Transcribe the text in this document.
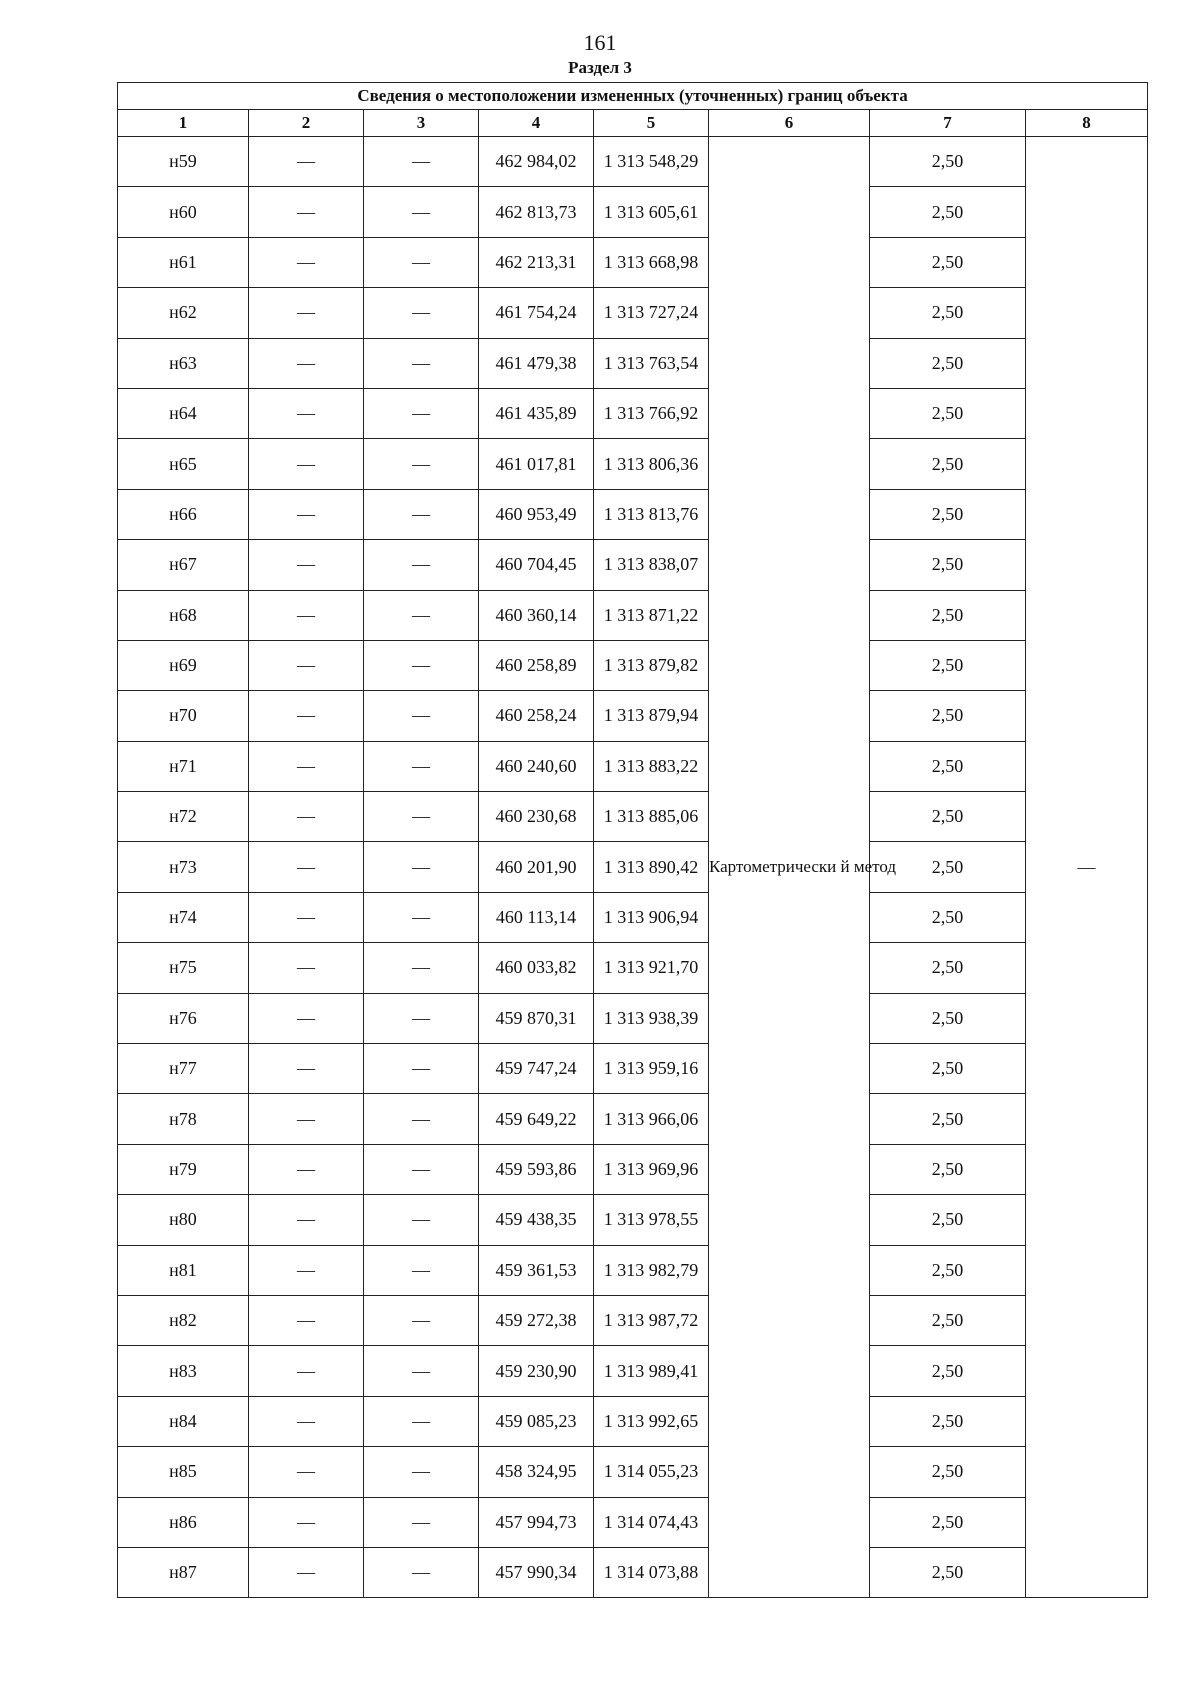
161
Раздел 3
Сведения о местоположении измененных (уточненных) границ объекта							
1	2	3	4	5	6	7	8
н59	—	—	462 984,02	1 313 548,29	Картометрически й метод	2,50	—
н60	—	—	462 813,73	1 313 605,61		2,50	
н61	—	—	462 213,31	1 313 668,98		2,50	
н62	—	—	461 754,24	1 313 727,24		2,50	
н63	—	—	461 479,38	1 313 763,54		2,50	
н64	—	—	461 435,89	1 313 766,92		2,50	
н65	—	—	461 017,81	1 313 806,36		2,50	
н66	—	—	460 953,49	1 313 813,76		2,50	
н67	—	—	460 704,45	1 313 838,07		2,50	
н68	—	—	460 360,14	1 313 871,22		2,50	
н69	—	—	460 258,89	1 313 879,82		2,50	
н70	—	—	460 258,24	1 313 879,94		2,50	
н71	—	—	460 240,60	1 313 883,22		2,50	
н72	—	—	460 230,68	1 313 885,06		2,50	
н73	—	—	460 201,90	1 313 890,42		2,50	
н74	—	—	460 113,14	1 313 906,94		2,50	
н75	—	—	460 033,82	1 313 921,70		2,50	
н76	—	—	459 870,31	1 313 938,39		2,50	
н77	—	—	459 747,24	1 313 959,16		2,50	
н78	—	—	459 649,22	1 313 966,06		2,50	
н79	—	—	459 593,86	1 313 969,96		2,50	
н80	—	—	459 438,35	1 313 978,55		2,50	
н81	—	—	459 361,53	1 313 982,79		2,50	
н82	—	—	459 272,38	1 313 987,72		2,50	
н83	—	—	459 230,90	1 313 989,41		2,50	
н84	—	—	459 085,23	1 313 992,65		2,50	
н85	—	—	458 324,95	1 314 055,23		2,50	
н86	—	—	457 994,73	1 314 074,43		2,50	
н87	—	—	457 990,34	1 314 073,88		2,50	
